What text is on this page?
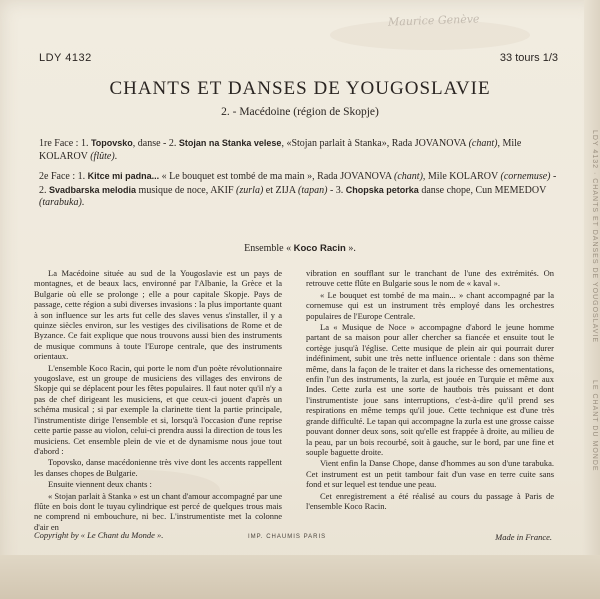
LDY 4132 · CHANTS ET DANSES DE YOUGOSLAVIE
LE CHANT DU MONDE
Maurice Genève
LDY 4132	33 tours 1/3
CHANTS ET DANSES DE YOUGOSLAVIE
2. - Macédoine (région de Skopje)
1re Face : 1. Topovsko, danse - 2. Stojan na Stanka velese, «Stojan parlait à Stanka», Rada JOVANOVA (chant), Mile KOLAROV (flûte).
2e Face : 1. Kitce mi padna... « Le bouquet est tombé de ma main », Rada JOVANOVA (chant), Mile KOLAROV (cornemuse) - 2. Svadbarska melodia musique de noce, AKIF (zurla) et ZIJA (tapan) - 3. Chopska petorka danse chope, Cun MEMEDOV (tarabuka).
Ensemble « Koco Racin ».

La Macédoine située au sud de la Yougoslavie est un pays de montagnes, et de beaux lacs, environné par l'Albanie, la Grèce et la Bulgarie où elle se prolonge ; elle a pour capitale Skopje. Pays de passage, cette région a subi diverses invasions : la plus importante quant à son influence sur les arts fut celle des slaves venus s'installer, il y a quinze siècles environ, sur les vestiges des civilisations de Rome et de Byzance. Ce fait explique que nous trouvons aussi bien des instruments de musique communs à toute l'Europe centrale, que des instruments orientaux.

L'ensemble Koco Racin, qui porte le nom d'un poète révolutionnaire yougoslave, est un groupe de musiciens des villages des environs de Skopje qui se déplacent pour les fêtes populaires. Il faut noter qu'il n'y a pas de chef dirigeant les musiciens, et que ceux-ci jouent d'après un schéma musical ; si par exemple la clarinette tient la partie principale, l'instrumentiste dirige l'ensemble et si, lorsqu'à l'occasion d'une reprise cette partie passe au violon, celui-ci prendra aussi la direction de tous les musiciens. Cet ensemble plein de vie et de dynamisme nous joue tout d'abord :

Topovsko, danse macédonienne très vive dont les accents rappellent les danses chopes de Bulgarie.

Ensuite viennent deux chants :

« Stojan parlait à Stanka » est un chant d'amour accompagné par une flûte en bois dont le tuyau cylindrique est percé de quelques trous mais ne comprend ni embouchure, ni bec. L'instrumentiste met la colonne d'air en

vibration en soufflant sur le tranchant de l'une des extrémités. On retrouve cette flûte en Bulgarie sous le nom de « kaval ».

« Le bouquet est tombé de ma main... » chant accompagné par la cornemuse qui est un instrument très employé dans les orchestres populaires de l'Europe Centrale.

La « Musique de Noce » accompagne d'abord le jeune homme partant de sa maison pour aller chercher sa fiancée et ensuite tout le cortège jusqu'à l'église. Cette musique de plein air qui pourrait durer indéfiniment, subit une très nette influence orientale : dans son thème même, dans la façon de le traiter et dans la richesse des ornementations, enfin l'un des instruments, la zurla, est jouée en Turquie et même aux Indes. Cette zurla est une sorte de hautbois très puissant et dont l'instrumentiste joue sans interruptions, c'est-à-dire qu'il prend ses respirations en même temps qu'il joue. Cette technique est d'une très grande difficulté. Le tapan qui accompagne la zurla est une grosse caisse pouvant donner deux sons, soit qu'elle est frappée à droite, au milieu de la peau, par un bois recourbé, soit à gauche, sur le bord, par une fine et souple baguette droite.

Vient enfin la Danse Chope, danse d'hommes au son d'une tarabuka. Cet instrument est un petit tambour fait d'un vase en terre cuite sans fond et sur lequel est tendue une peau.

Cet enregistrement a été réalisé au cours du passage à Paris de l'ensemble Koco Racin.

Copyright by « Le Chant du Monde ».	IMP. CHAUMIS PARIS	Made in France.
